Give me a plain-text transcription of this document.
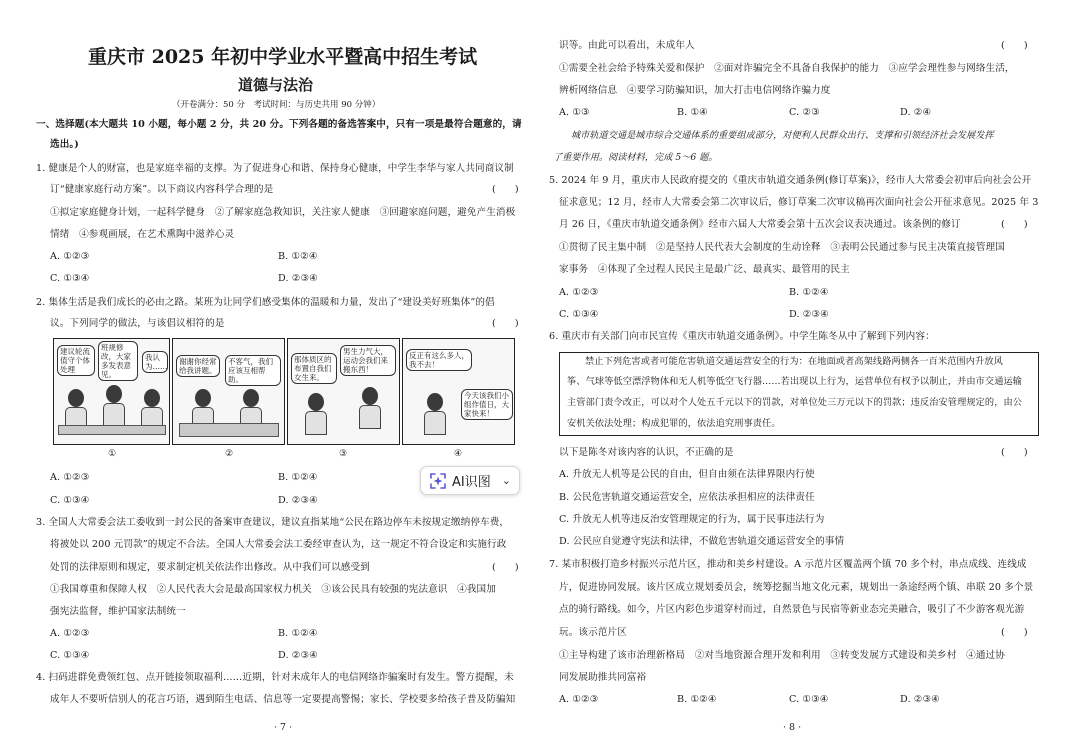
重庆市 2025 年初中学业水平暨高中招生考试
道德与法治
（开卷满分：50 分　考试时间：与历史共用 90 分钟）
一、选择题(本大题共 10 小题，每小题 2 分，共 20 分。下列各题的备选答案中，只有一项是最符合题意的，请
选出。)
1. 健康是个人的财富，也是家庭幸福的支撑。为了促进身心和谐、保持身心健康，中学生李华与家人共同商议制
订“健康家庭行动方案”。以下商议内容科学合理的是	(　　)
①拟定家庭健身计划，一起科学健身　②了解家庭急救知识，关注家人健康　③回避家庭问题，避免产生消极
情绪　④参观画展，在艺术熏陶中滋养心灵
A. ①②③	B. ①②④
C. ①③④	D. ②③④
2. 集体生活是我们成长的必由之路。某班为让同学们感受集体的温暖和力量，发出了“建设美好班集体”的倡
议。下列同学的做法，与该倡议相符的是	(　　)
建议轮流值守个体处理
班规修改，大家多发表意见。
我认为……
谢谢你经常给我讲题。
不客气，我们应该互相帮助。
那体质区的布置自我们女生来。
男生力气大，运动会我们来搬东西！
反正有这么多人，我不去！
今天该我们小组作值日，大家快来！
①	②	③	④
A. ①②③	B. ①②④
C. ①③④	D. ②③④
3. 全国人大常委会法工委收到一封公民的备案审查建议，建议直指某地“公民在路边停车未按规定缴纳停车费，
将被处以 200 元罚款”的规定不合法。全国人大常委会法工委经审查认为，这一规定不符合设定和实施行政
处罚的法律原则和规定，要求制定机关依法作出修改。从中我们可以感受到	(　　)
①我国尊重和保障人权　②人民代表大会是最高国家权力机关　③该公民具有较强的宪法意识　④我国加
强宪法监督，维护国家法制统一
A. ①②③	B. ①②④
C. ①③④	D. ②③④
4. 扫码进群免费领红包、点开链接领取福利……近期，针对未成年人的电信网络诈骗案时有发生。警方提醒，未
成年人不要听信别人的花言巧语，遇到陌生电话、信息等一定要提高警惕；家长、学校要多给孩子普及防骗知
· 7 ·
识等。由此可以看出，未成年人	(　　)
①需要全社会给予特殊关爱和保护　②面对诈骗完全不具备自我保护的能力　③应学会理性参与网络生活，
辨析网络信息　④要学习防骗知识，加大打击电信网络诈骗力度
A. ①③	B. ①④	C. ②③	D. ②④
城市轨道交通是城市综合交通体系的重要组成部分，对便利人民群众出行、支撑和引领经济社会发展发挥
了重要作用。阅读材料，完成 5～6 题。
5. 2024 年 9 月，重庆市人民政府提交的《重庆市轨道交通条例(修订草案)》，经市人大常委会初审后向社会公开
征求意见；12 月，经市人大常委会第二次审议后，修订草案二次审议稿再次面向社会公开征求意见。2025 年 3
月 26 日，《重庆市轨道交通条例》经市六届人大常委会第十五次会议表决通过。该条例的修订	(　　)
①贯彻了民主集中制　②是坚持人民代表大会制度的生动诠释　③表明公民通过参与民主决策直接管理国
家事务　④体现了全过程人民民主是最广泛、最真实、最管用的民主
A. ①②③	B. ①②④
C. ①③④	D. ②③④
6. 重庆市有关部门向市民宣传《重庆市轨道交通条例》。中学生陈冬从中了解到下列内容：
禁止下列危害或者可能危害轨道交通运营安全的行为：在地面或者高架线路两侧各一百米范围内升放风
筝、气球等低空漂浮物体和无人机等低空飞行器……若出现以上行为，运营单位有权予以制止，并由市交通运输
主管部门责令改正，可以对个人处五千元以下的罚款，对单位处三万元以下的罚款；违反治安管理规定的，由公
安机关依法处理；构成犯罪的，依法追究刑事责任。
以下是陈冬对该内容的认识，不正确的是	(　　)
A. 升放无人机等是公民的自由，但自由须在法律界限内行使
B. 公民危害轨道交通运营安全，应依法承担相应的法律责任
C. 升放无人机等违反治安管理规定的行为，属于民事违法行为
D. 公民应自觉遵守宪法和法律，不做危害轨道交通运营安全的事情
7. 某市积极打造乡村振兴示范片区，推动和美乡村建设。A 示范片区覆盖两个镇 70 多个村，串点成线、连线成
片，促进协同发展。该片区成立规划委员会，统筹挖掘当地文化元素，规划出一条途经两个镇、串联 20 多个景
点的骑行路线。如今，片区内彩色步道穿村而过，自然景色与民宿等新业态完美融合，吸引了不少游客观光游
玩。该示范片区	(　　)
①主导构建了该市治理新格局　②对当地资源合理开发和利用　③转变发展方式建设和美乡村　④通过协
同发展助推共同富裕
A. ①②③	B. ①②④	C. ①③④	D. ②③④
· 8 ·
AI识图 ⌄
